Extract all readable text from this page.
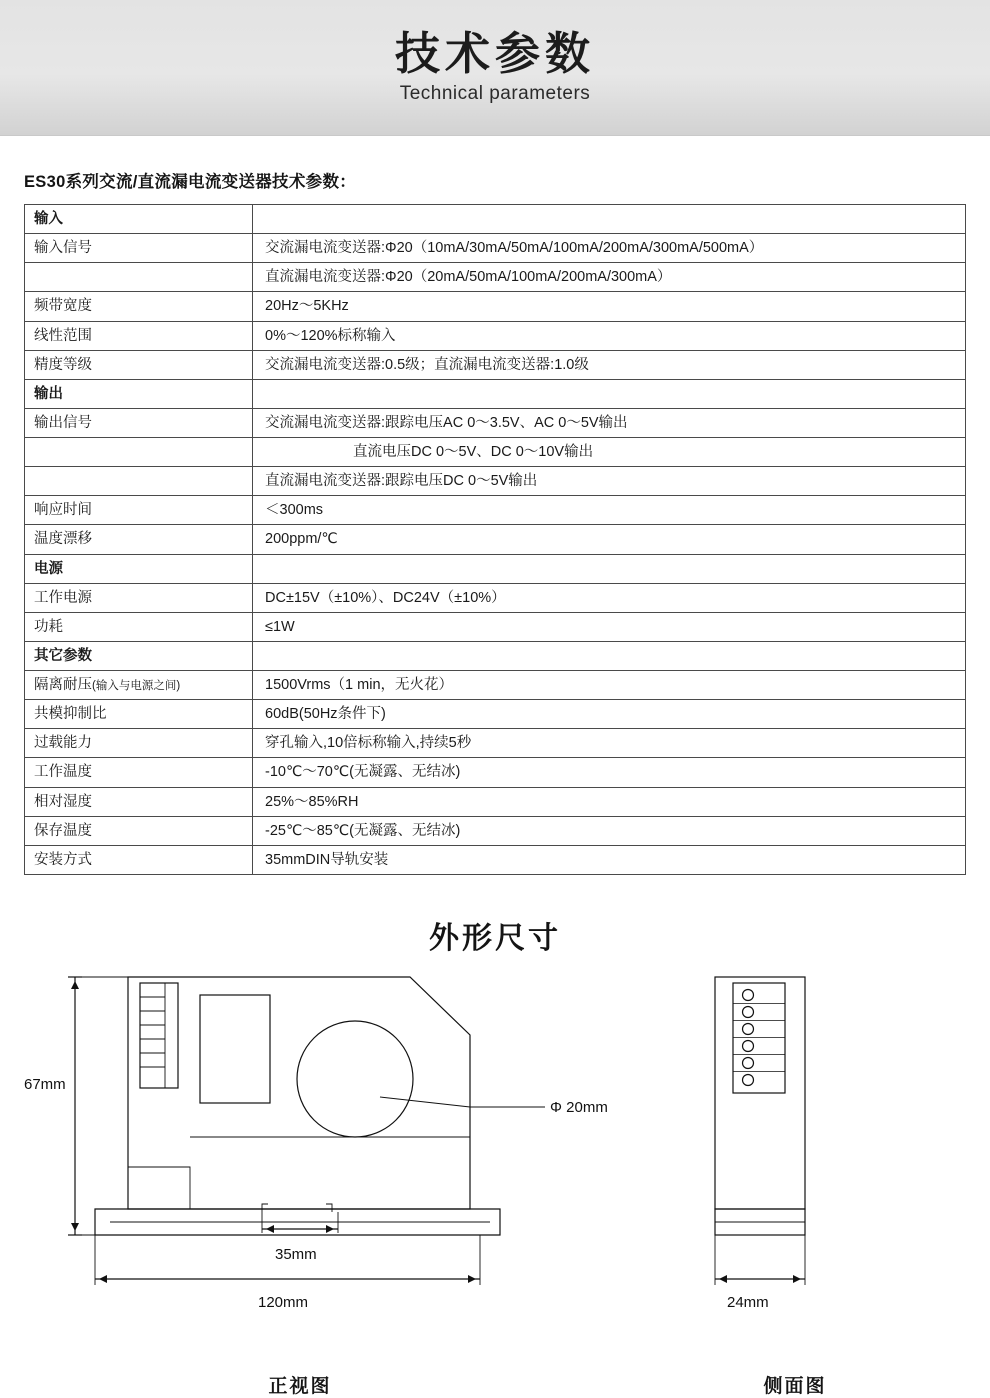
技术参数
Technical parameters
ES30系列交流/直流漏电流变送器技术参数：
输入	
输入信号	交流漏电流变送器:Φ20（10mA/30mA/50mA/100mA/200mA/300mA/500mA）
	直流漏电流变送器:Φ20（20mA/50mA/100mA/200mA/300mA）
频带宽度	20Hz～5KHz
线性范围	0%～120%标称输入
精度等级	交流漏电流变送器:0.5级；直流漏电流变送器:1.0级
输出	
输出信号	交流漏电流变送器:跟踪电压AC 0～3.5V、AC 0～5V输出
	直流电压DC 0～5V、DC 0～10V输出
	直流漏电流变送器:跟踪电压DC 0～5V输出
响应时间	＜300ms
温度漂移	200ppm/℃
电源	
工作电源	DC±15V（±10%）、DC24V（±10%）
功耗	≤1W
其它参数	
隔离耐压(输入与电源之间)	1500Vrms（1 min，无火花）
共模抑制比	60dB(50Hz条件下)
过载能力	穿孔输入,10倍标称输入,持续5秒
工作温度	-10℃～70℃(无凝露、无结冰)
相对湿度	25%～85%RH
保存温度	-25℃～85℃(无凝露、无结冰)
安装方式	35mmDIN导轨安装
外形尺寸
67mm
Φ 20mm
35mm
120mm	24mm
正视图	侧面图
